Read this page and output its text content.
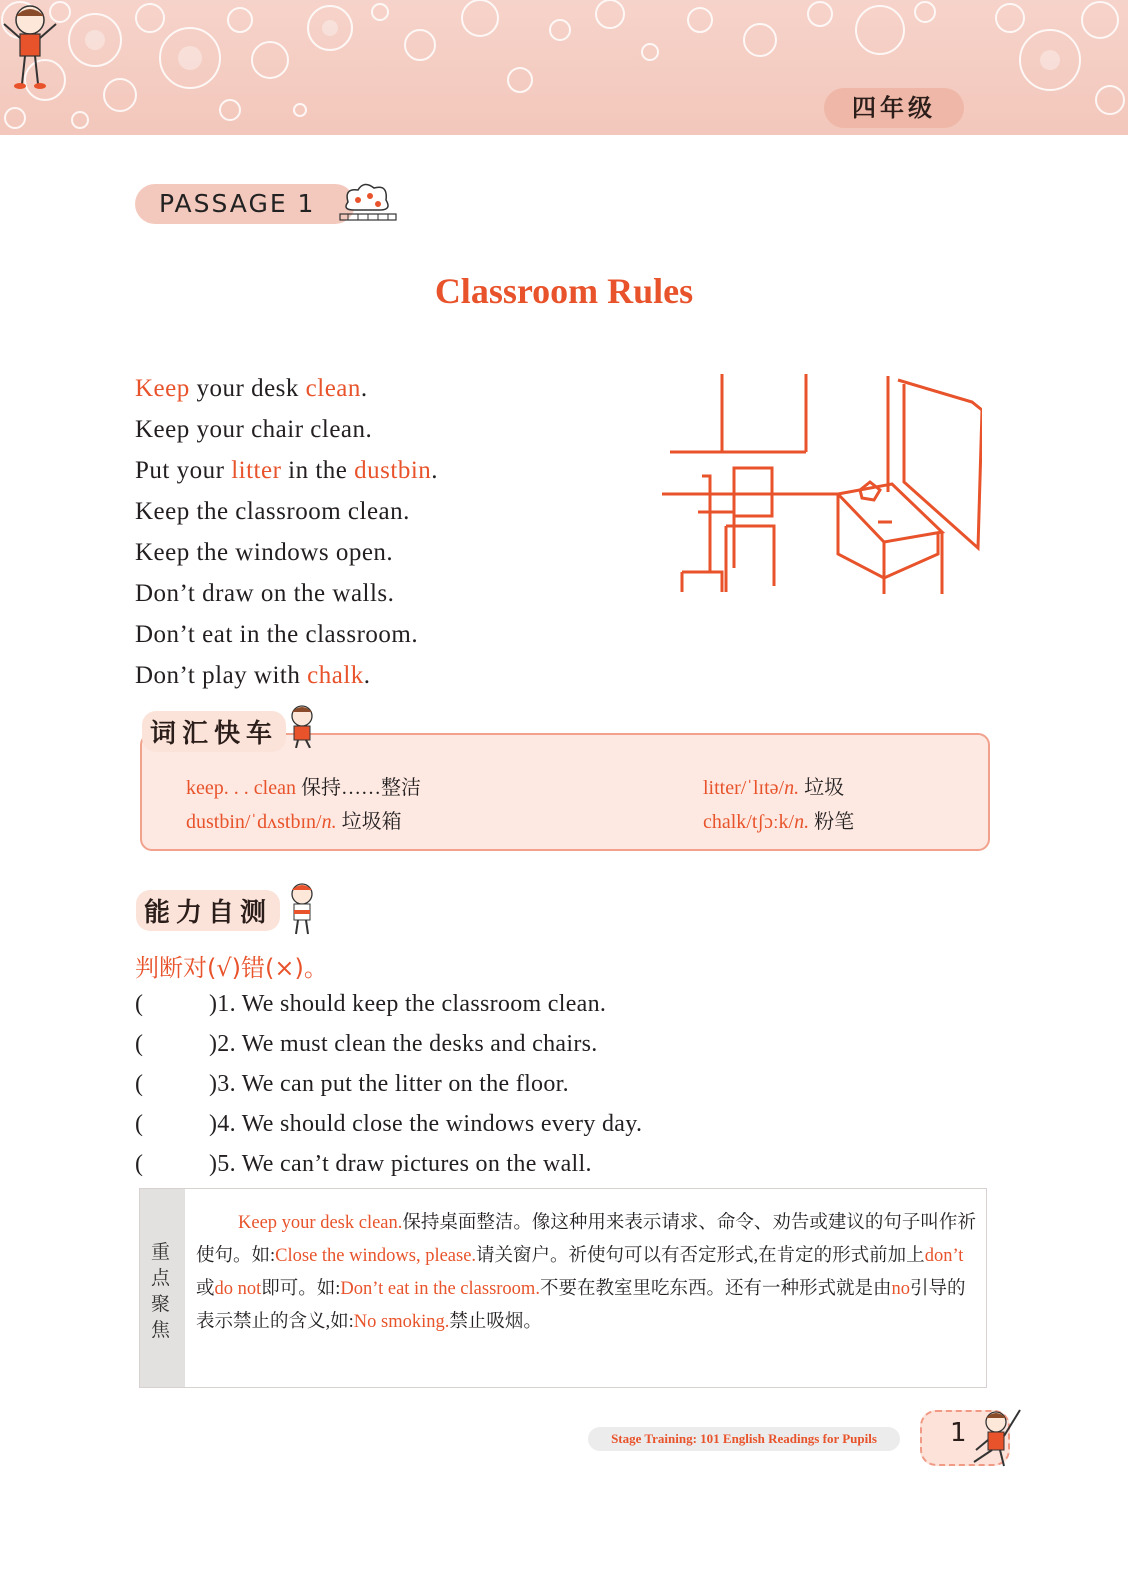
四年级
PASSAGE 1
Classroom Rules
Keep your desk clean.
Keep your chair clean.
Put your litter in the dustbin.
Keep the classroom clean.
Keep the windows open.
Don’t draw on the walls.
Don’t eat in the classroom.
Don’t play with chalk.
词汇快车
keep. . . clean 保持……整洁	litter/ˈlɪtə/n. 垃圾
dustbin/ˈdʌstbɪn/n. 垃圾箱	chalk/tʃɔːk/n. 粉笔
能力自测
判断对(√)错(×)。
(	)1. We should keep the classroom clean.
(	)2. We must clean the desks and chairs.
(	)3. We can put the litter on the floor.
(	)4. We should close the windows every day.
(	)5. We can’t draw pictures on the wall.
重点聚焦

Keep your desk clean.保持桌面整洁。像这种用来表示请求、命令、劝告或建议的句子叫作祈使句。如:Close the windows, please.请关窗户。祈使句可以有否定形式,在肯定的形式前加上don’t或do not即可。如:Don’t eat in the classroom.不要在教室里吃东西。还有一种形式就是由no引导的表示禁止的含义,如:No smoking.禁止吸烟。

Stage Training: 101 English Readings for Pupils	1
